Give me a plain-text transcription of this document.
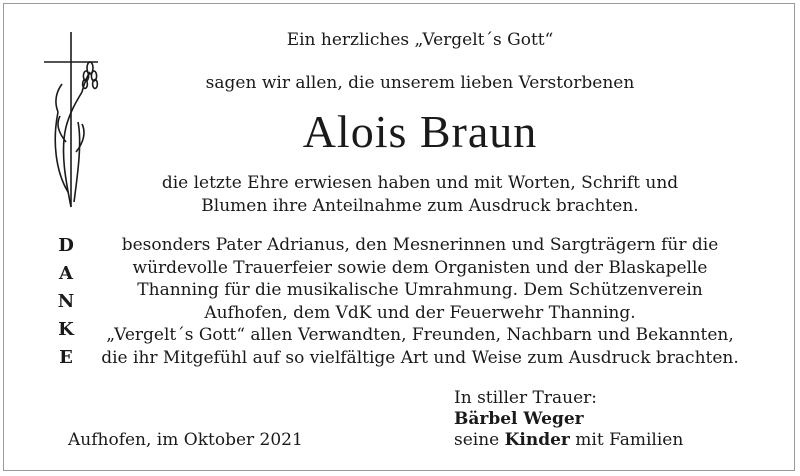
D
A
N
K
E

Ein herzliches „Vergelt´s Gott“

sagen wir allen, die unserem lieben Verstorbenen

Alois Braun

die letzte Ehre erwiesen haben und mit Worten, Schrift und
Blumen ihre Anteilnahme zum Ausdruck brachten.
besonders Pater Adrianus, den Mesnerinnen und Sargträgern für die
würdevolle Trauerfeier sowie dem Organisten und der Blaskapelle
Thanning für die musikalische Umrahmung. Dem Schützenverein
Aufhofen, dem VdK und der Feuerwehr Thanning.
„Vergelt´s Gott“ allen Verwandten, Freunden, Nachbarn und Bekannten,
die ihr Mitgefühl auf so vielfältige Art und Weise zum Ausdruck brachten.
In stiller Trauer:
Bärbel Weger
seine Kinder mit Familien
Aufhofen, im Oktober 2021
